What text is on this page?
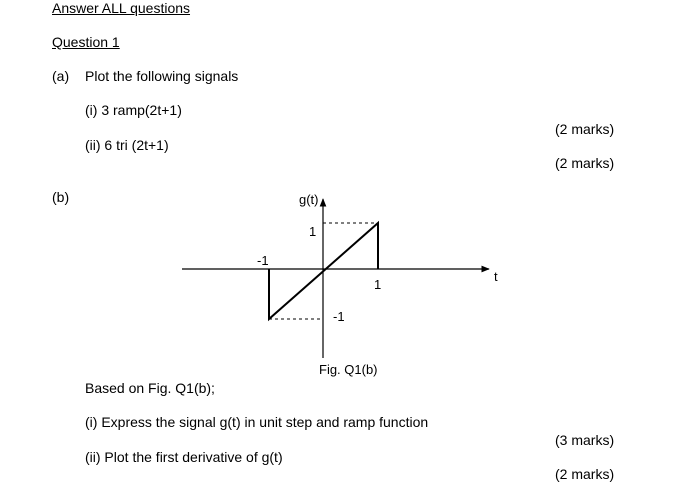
Answer ALL questions
Question 1
(a) Plot the following signals
(i) 3 ramp(2t+1)
(2 marks)
(ii) 6 tri (2t+1)
(2 marks)
(b)	g(t)
1
-1
1
-1
t
Fig. Q1(b)
Based on Fig. Q1(b);
(i) Express the signal g(t) in unit step and ramp function
(3 marks)
(ii) Plot the first derivative of g(t)
(2 marks)
